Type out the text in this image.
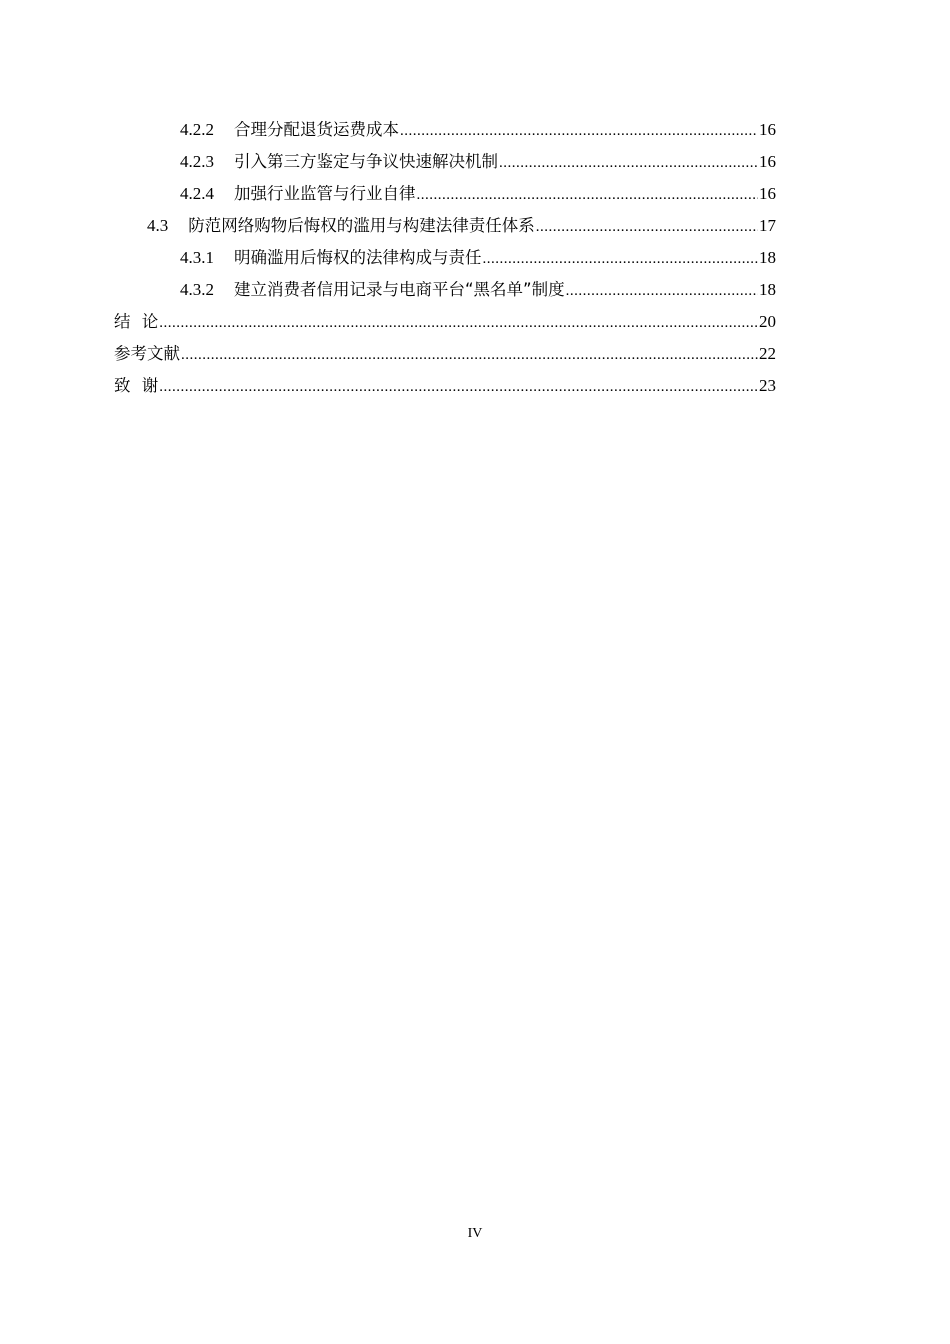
4.2.2 合理分配退货运费成本 .....	16
4.2.3 引入第三方鉴定与争议快速解决机制 .....	16
4.2.4 加强行业监管与行业自律 .....	16
4.3 防范网络购物后悔权的滥用与构建法律责任体系 .....	17
4.3.1 明确滥用后悔权的法律构成与责任 .....	18
4.3.2 建立消费者信用记录与电商平台“黑名单”制度 .....	18
结 论 .....	20
参考文献 .....	22
致 谢 .....	23
IV
